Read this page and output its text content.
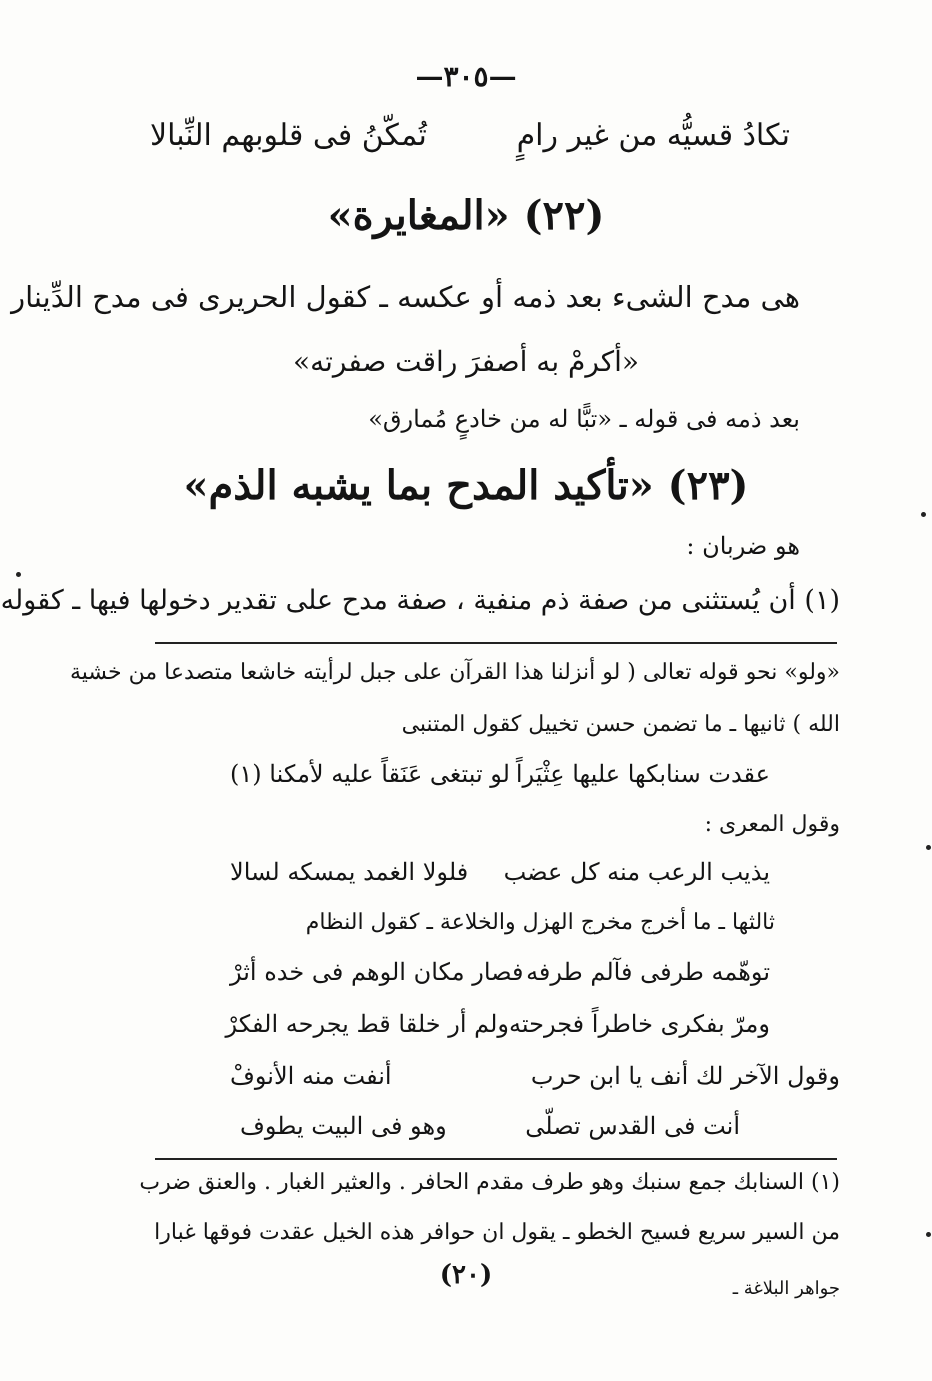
—٣٠٥—
تكادُ قسيُّه من غير رامٍ
تُمكّنُ فى قلوبهم النِّبالا
(٢٢) «المغايرة»
هى مدح الشىء بعد ذمه أو عكسه ـ كقول الحريرى فى مدح الدِّينار
«أكرمْ به أصفرَ راقت صفرته»
بعد ذمه فى قوله ـ «تبًّا له من خادعٍ مُمارق»
(٢٣) «تأكيد المدح بما يشبه الذم»
هو ضربان :
(١) أن يُستثنى من صفة ذم منفية ، صفة مدح على تقدير دخولها فيها ـ كقوله
«ولو» نحو قوله تعالى ( لو أنزلنا هذا القرآن على جبل لرأيته خاشعا متصدعا من خشية
الله ) ثانيها ـ ما تضمن حسن تخييل كقول المتنبى
عقدت سنابكها عليها عِثْيَراً
لو تبتغى عَنَقاً عليه لأمكنا (١)
وقول المعرى :
يذيب الرعب منه كل عضب
فلولا الغمد يمسكه لسالا
ثالثها ـ ما أخرج مخرج الهزل والخلاعة ـ كقول النظام
توهّمه طرفى فآلم طرفه
فصار مكان الوهم فى خده أثرْ
ومرّ بفكرى خاطراً فجرحته
ولم أر خلقا قط يجرحه الفكرْ
وقول الآخر لك أنف يا ابن حرب
أنفت منه الأنوفْ
أنت فى القدس تصلّى
وهو فى البيت يطوف
(١) السنابك جمع سنبك وهو طرف مقدم الحافر . والعثير الغبار . والعنق ضرب
من السير سريع فسيح الخطو ـ يقول ان حوافر هذه الخيل عقدت فوقها غبارا
(٢٠)	جواهر البلاغة ـ
